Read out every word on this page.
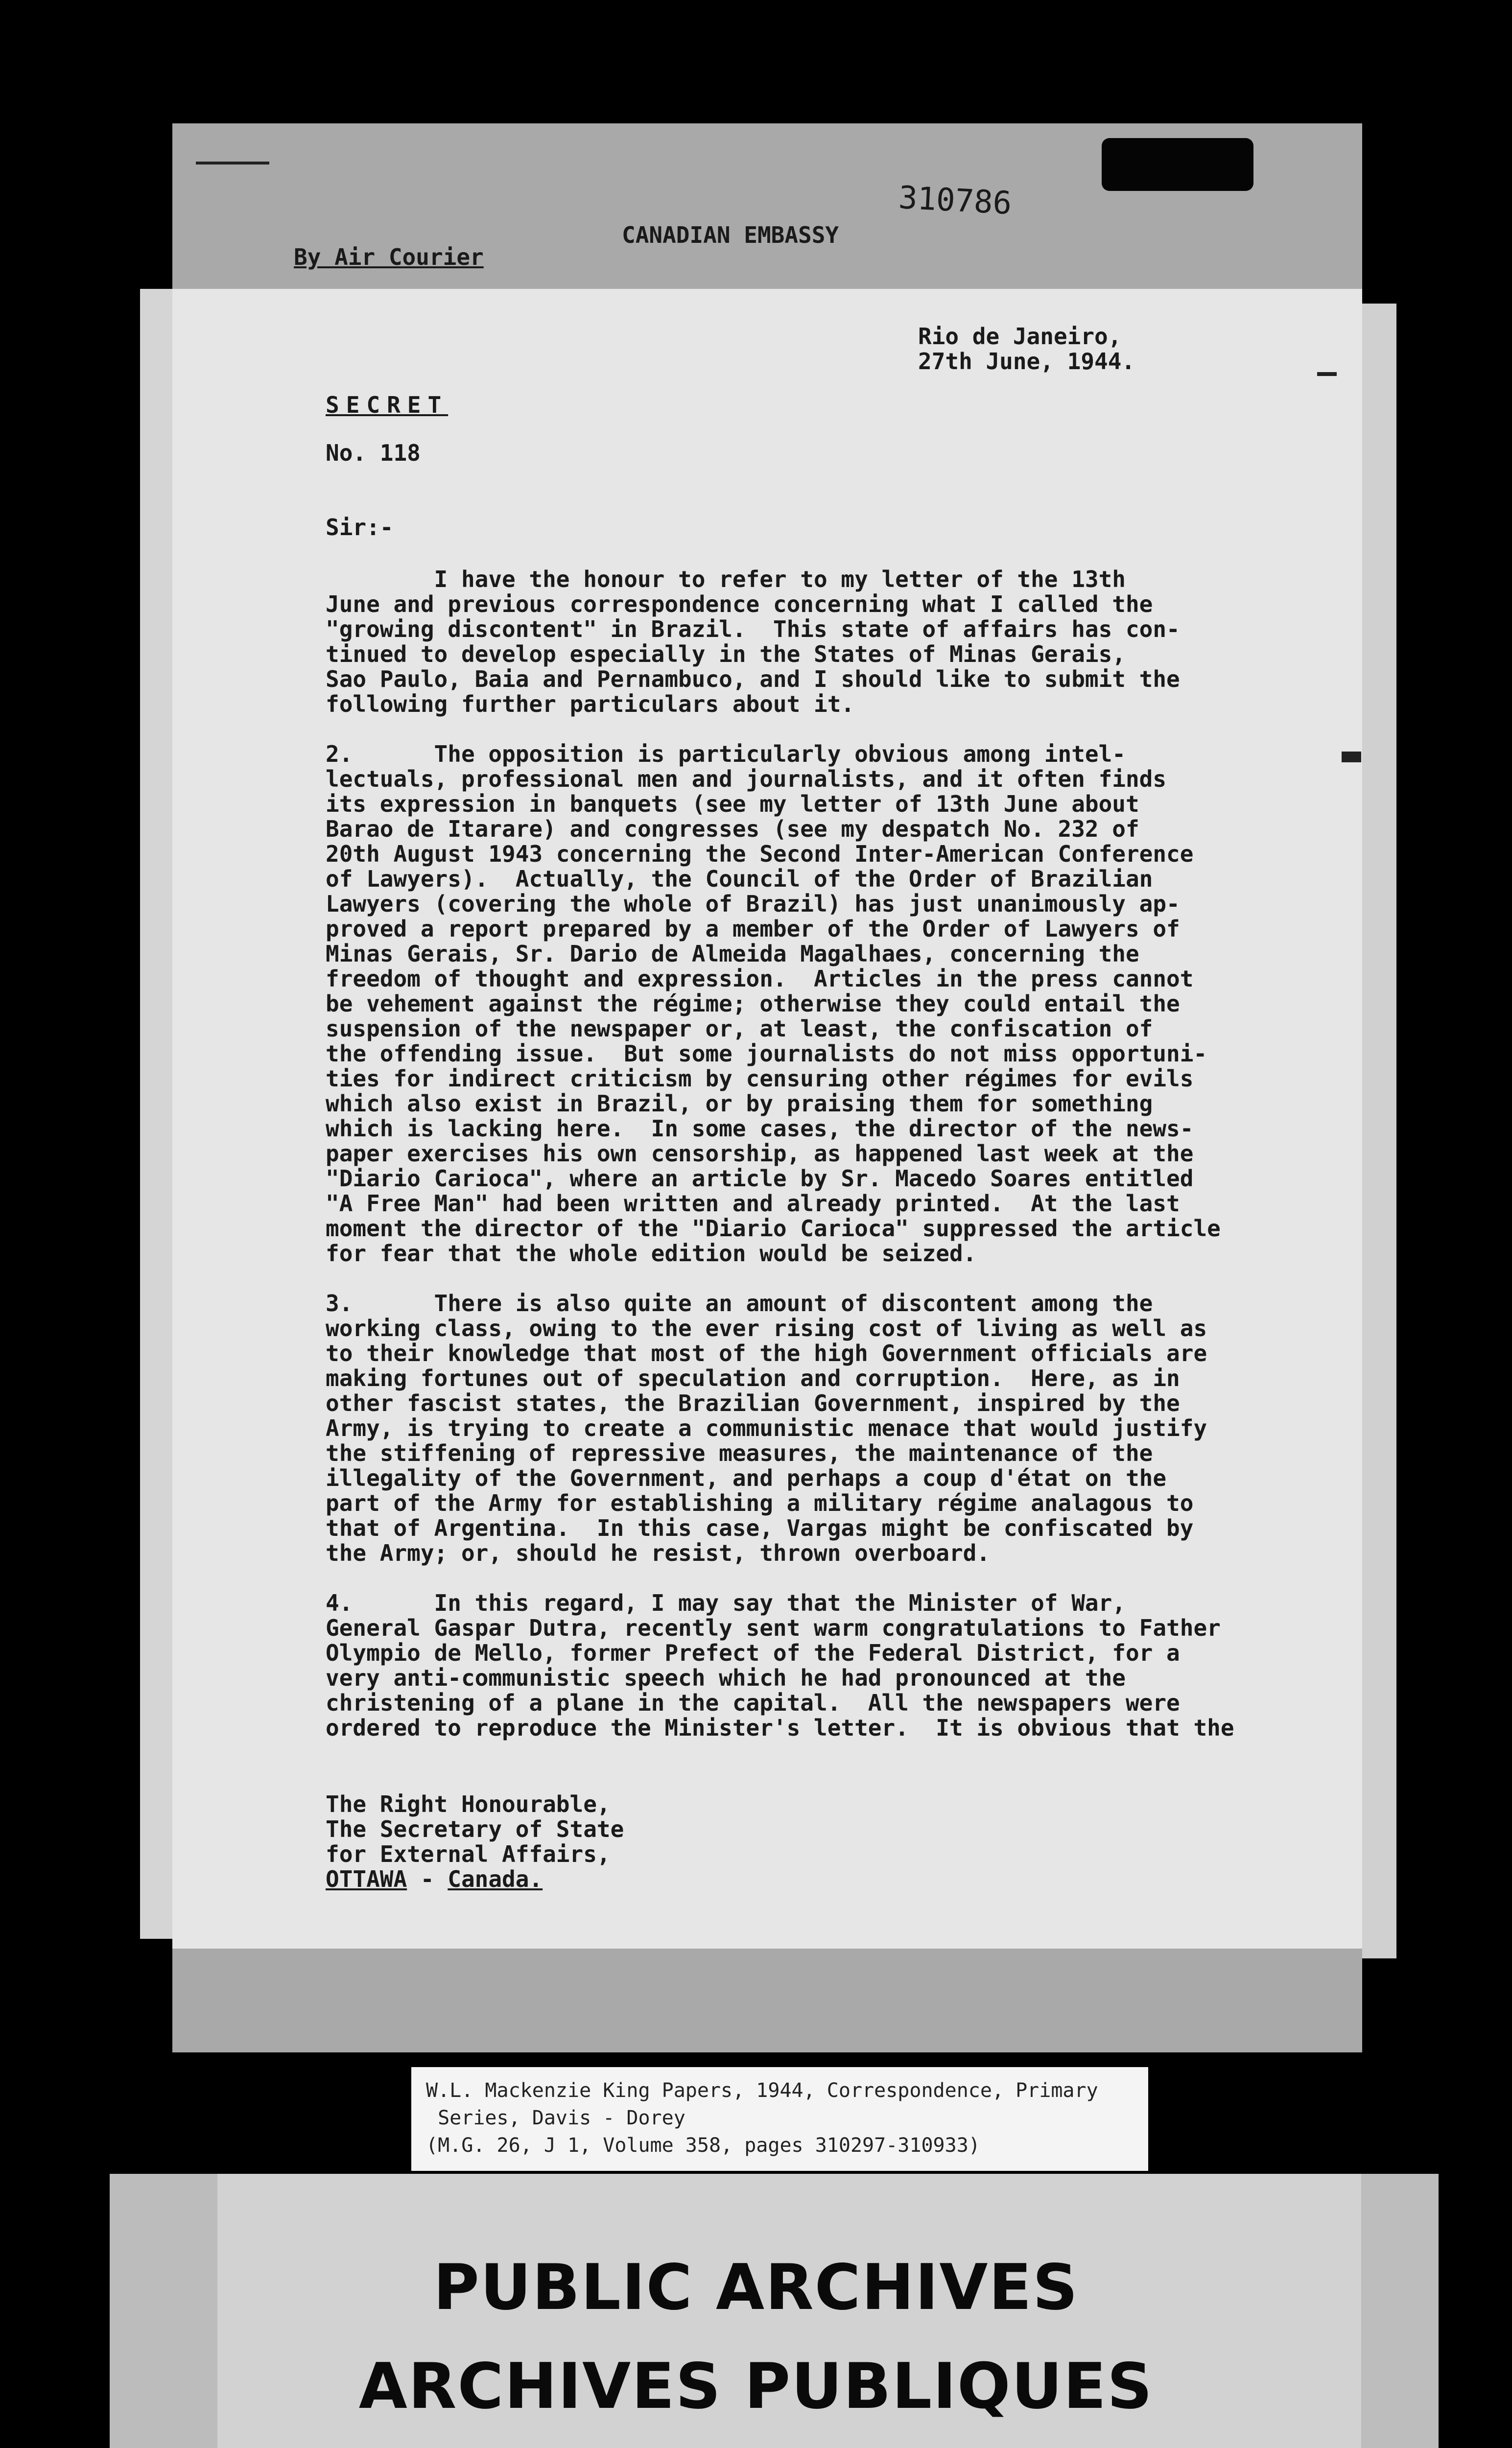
By Air Courier
CANADIAN EMBASSY
310786
Rio de Janeiro,
27th June, 1944.
SECRET
No. 118
Sir:-
I have the honour to refer to my letter of the 13th
June and previous correspondence concerning what I called the
"growing discontent" in Brazil.  This state of affairs has con-
tinued to develop especially in the States of Minas Gerais,
Sao Paulo, Baia and Pernambuco, and I should like to submit the
following further particulars about it.

2.      The opposition is particularly obvious among intel-
lectuals, professional men and journalists, and it often finds
its expression in banquets (see my letter of 13th June about
Barao de Itarare) and congresses (see my despatch No. 232 of
20th August 1943 concerning the Second Inter-American Conference
of Lawyers).  Actually, the Council of the Order of Brazilian
Lawyers (covering the whole of Brazil) has just unanimously ap-
proved a report prepared by a member of the Order of Lawyers of
Minas Gerais, Sr. Dario de Almeida Magalhaes, concerning the
freedom of thought and expression.  Articles in the press cannot
be vehement against the régime; otherwise they could entail the
suspension of the newspaper or, at least, the confiscation of
the offending issue.  But some journalists do not miss opportuni-
ties for indirect criticism by censuring other régimes for evils
which also exist in Brazil, or by praising them for something
which is lacking here.  In some cases, the director of the news-
paper exercises his own censorship, as happened last week at the
"Diario Carioca", where an article by Sr. Macedo Soares entitled
"A Free Man" had been written and already printed.  At the last
moment the director of the "Diario Carioca" suppressed the article
for fear that the whole edition would be seized.

3.      There is also quite an amount of discontent among the
working class, owing to the ever rising cost of living as well as
to their knowledge that most of the high Government officials are
making fortunes out of speculation and corruption.  Here, as in
other fascist states, the Brazilian Government, inspired by the
Army, is trying to create a communistic menace that would justify
the stiffening of repressive measures, the maintenance of the
illegality of the Government, and perhaps a coup d'état on the
part of the Army for establishing a military régime analagous to
that of Argentina.  In this case, Vargas might be confiscated by
the Army; or, should he resist, thrown overboard.

4.      In this regard, I may say that the Minister of War,
General Gaspar Dutra, recently sent warm congratulations to Father
Olympio de Mello, former Prefect of the Federal District, for a
very anti-communistic speech which he had pronounced at the
christening of a plane in the capital.  All the newspapers were
ordered to reproduce the Minister's letter.  It is obvious that the
The Right Honourable,
The Secretary of State
for External Affairs,
OTTAWA - Canada.
W.L. Mackenzie King Papers, 1944, Correspondence, Primary
Series, Davis - Dorey
(M.G. 26, J 1, Volume 358, pages 310297-310933)
PUBLIC ARCHIVES
ARCHIVES PUBLIQUES
